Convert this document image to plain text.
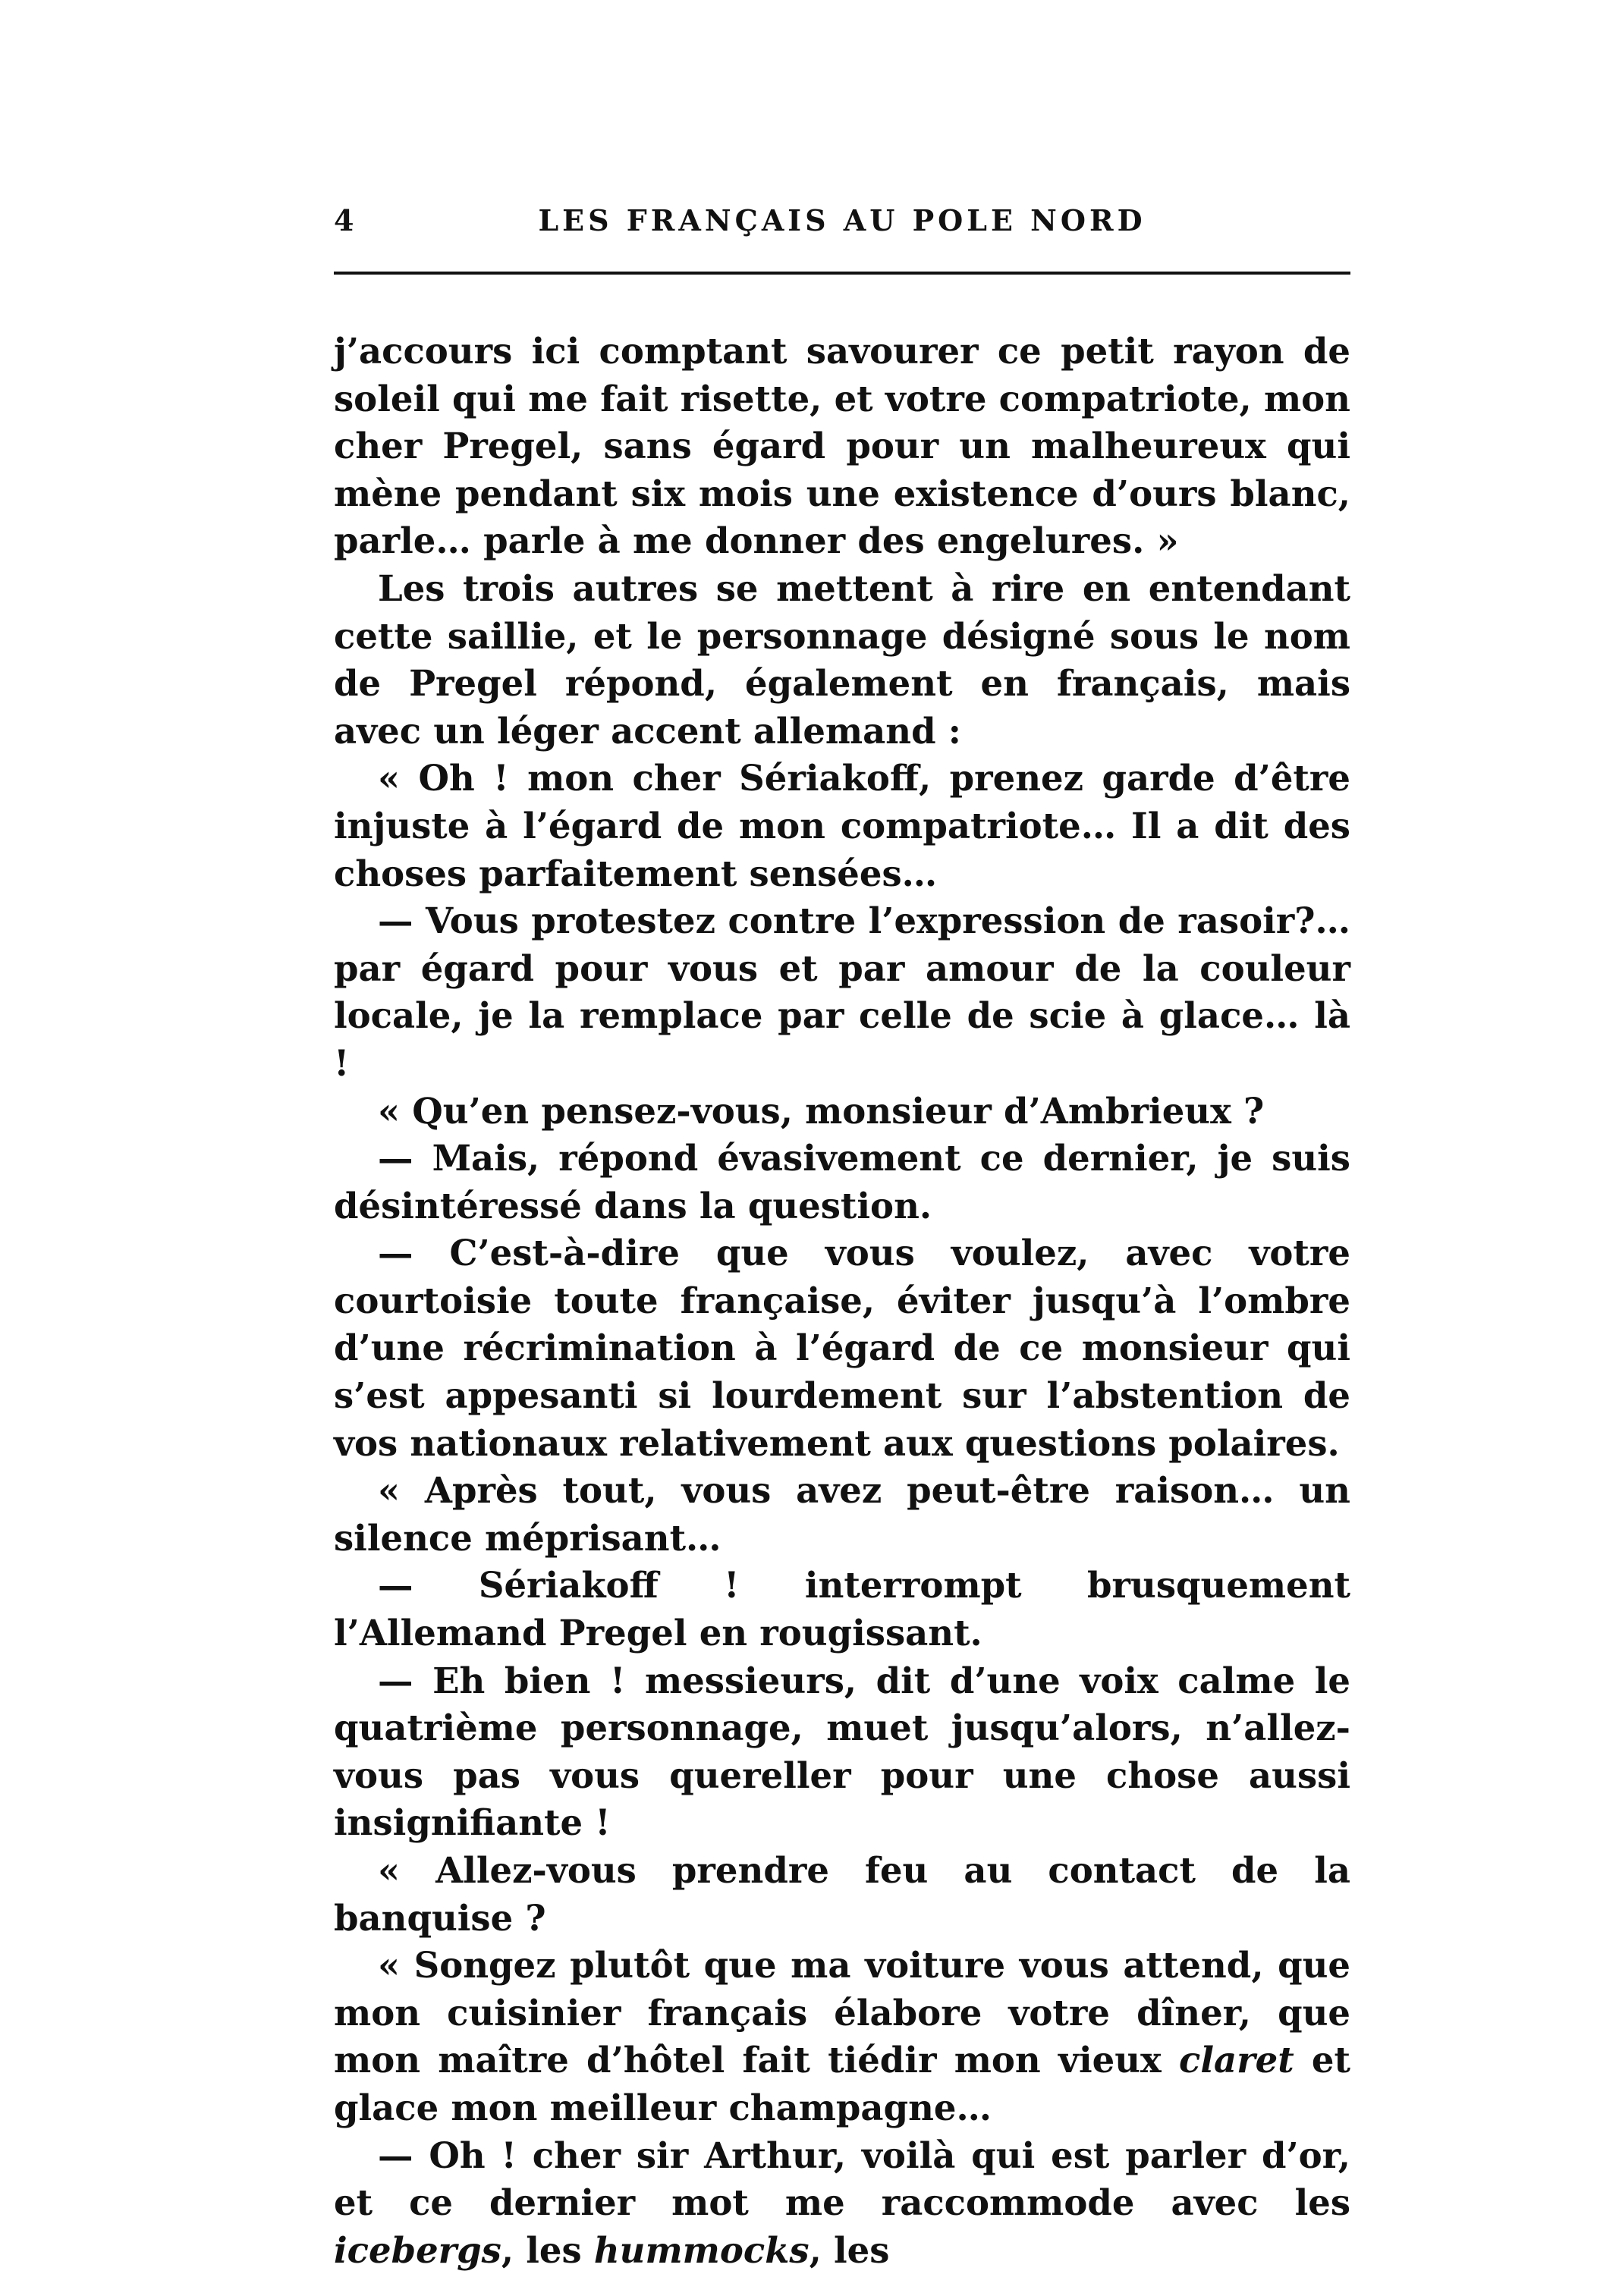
4	LES FRANÇAIS AU POLE NORD

j’accours ici comptant savourer ce petit rayon de soleil qui me fait risette, et votre compatriote, mon cher Pregel, sans égard pour un malheureux qui mène pendant six mois une existence d’ours blanc, parle… parle à me donner des engelures. »

Les trois autres se mettent à rire en entendant cette saillie, et le personnage désigné sous le nom de Pregel répond, également en français, mais avec un léger accent allemand :

« Oh ! mon cher Sériakoff, prenez garde d’être injuste à l’égard de mon compatriote… Il a dit des choses parfaitement sensées…

— Vous protestez contre l’expression de rasoir?… par égard pour vous et par amour de la couleur locale, je la remplace par celle de scie à glace… là !

« Qu’en pensez-vous, monsieur d’Ambrieux ?

— Mais, répond évasivement ce dernier, je suis désintéressé dans la question.

— C’est-à-dire que vous voulez, avec votre courtoisie toute française, éviter jusqu’à l’ombre d’une récrimination à l’égard de ce monsieur qui s’est appesanti si lourdement sur l’abstention de vos nationaux relativement aux questions polaires.

« Après tout, vous avez peut-être raison… un silence méprisant…

— Sériakoff ! interrompt brusquement l’Allemand Pregel en rougissant.

— Eh bien ! messieurs, dit d’une voix calme le quatrième personnage, muet jusqu’alors, n’allez-vous pas vous quereller pour une chose aussi insignifiante !

« Allez-vous prendre feu au contact de la banquise ?

« Songez plutôt que ma voiture vous attend, que mon cuisinier français élabore votre dîner, que mon maître d’hôtel fait tiédir mon vieux claret et glace mon meilleur champagne…

— Oh ! cher sir Arthur, voilà qui est parler d’or, et ce dernier mot me raccommode avec les icebergs, les hummocks, les
